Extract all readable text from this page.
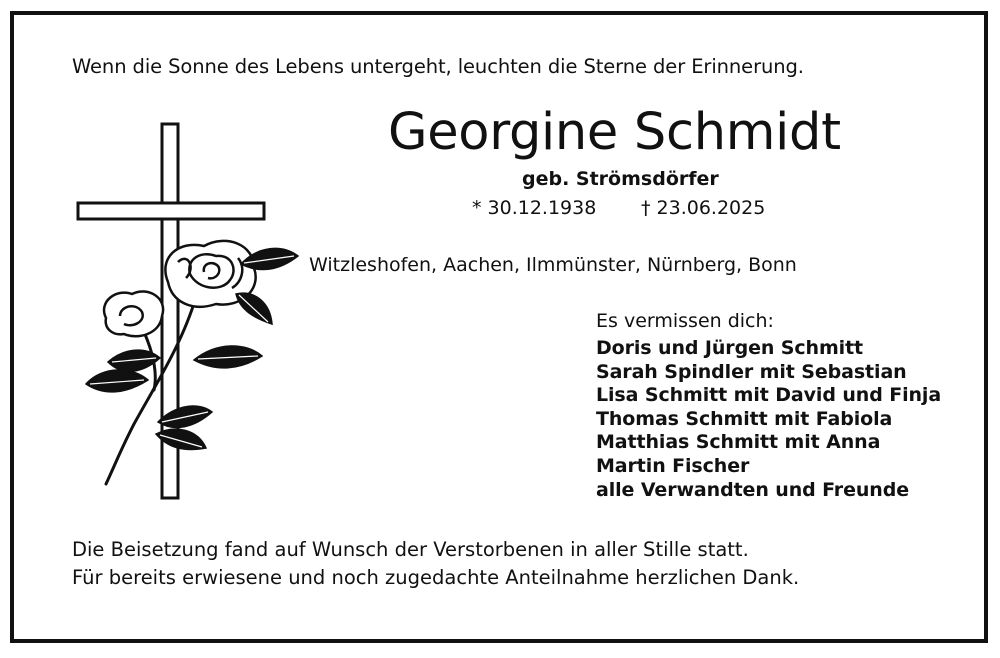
Wenn die Sonne des Lebens untergeht, leuchten die Sterne der Erinnerung.
Georgine Schmidt
geb. Strömsdörfer
* 30.12.1938 † 23.06.2025
Witzleshofen, Aachen, Ilmmünster, Nürnberg, Bonn
Es vermissen dich:
Doris und Jürgen Schmitt
Sarah Spindler mit Sebastian
Lisa Schmitt mit David und Finja
Thomas Schmitt mit Fabiola
Matthias Schmitt mit Anna
Martin Fischer
alle Verwandten und Freunde
Die Beisetzung fand auf Wunsch der Verstorbenen in aller Stille statt.
Für bereits erwiesene und noch zugedachte Anteilnahme herzlichen Dank.
